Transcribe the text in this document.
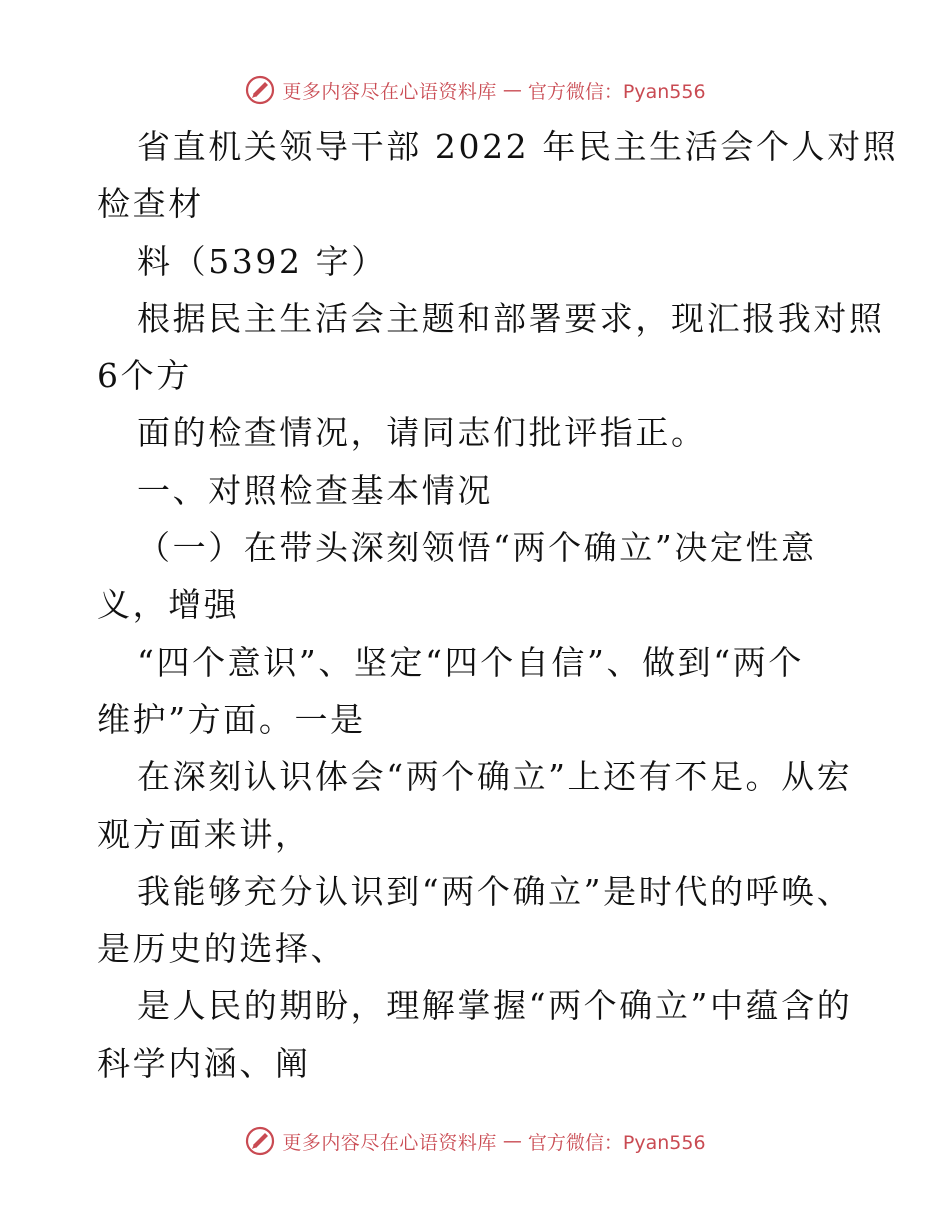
更多内容尽在心语资料库 — 官方微信：Pyan556
省直机关领导干部 2022 年民主生活会个人对照
检查材
料（5392 字）
根据民主生活会主题和部署要求，现汇报我对照
6个方
面的检查情况，请同志们批评指正。
一、对照检查基本情况
（一）在带头深刻领悟“两个确立”决定性意
义，增强
“四个意识”、坚定“四个自信”、做到“两个
维护”方面。一是
在深刻认识体会“两个确立”上还有不足。从宏
观方面来讲，
我能够充分认识到“两个确立”是时代的呼唤、
是历史的选择、
是人民的期盼，理解掌握“两个确立”中蕴含的
科学内涵、阐
更多内容尽在心语资料库 — 官方微信：Pyan556
